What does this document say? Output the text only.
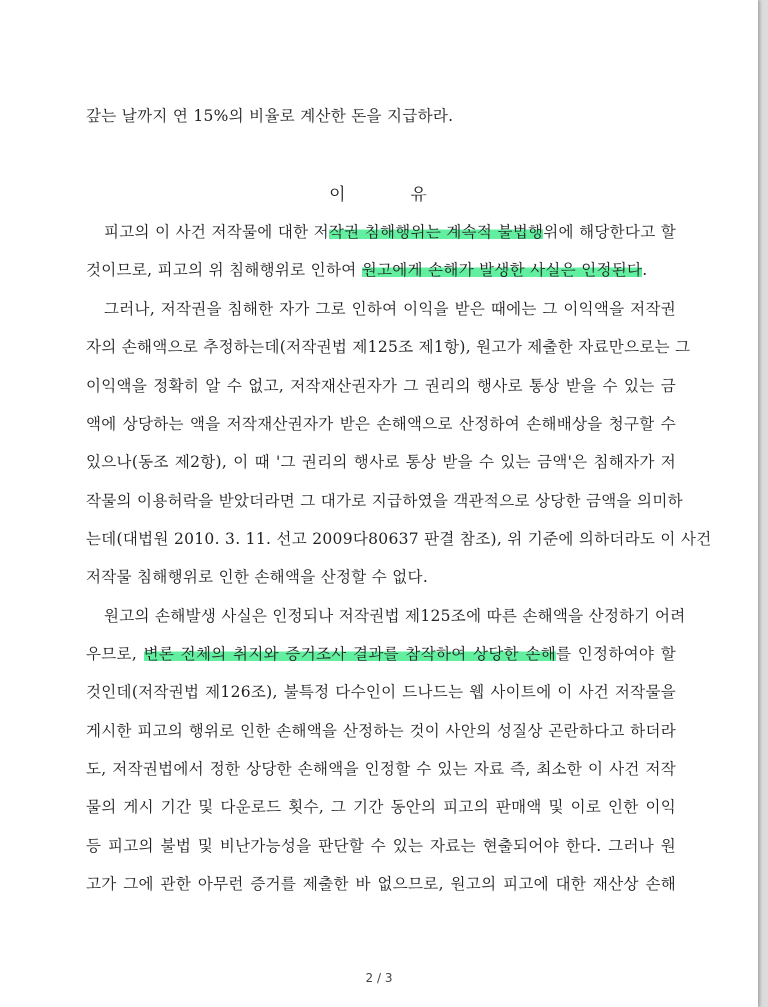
갚는 날까지 연 15%의 비율로 계산한 돈을 지급하라.
이	유
피고의 이 사건 저작물에 대한 저작권 침해행위는 계속적 불법행위에 해당한다고 할
것이므로, 피고의 위 침해행위로 인하여 원고에게 손해가 발생한 사실은 인정된다.
그러나, 저작권을 침해한 자가 그로 인하여 이익을 받은 때에는 그 이익액을 저작권
자의 손해액으로 추정하는데(저작권법 제125조 제1항), 원고가 제출한 자료만으로는 그
이익액을 정확히 알 수 없고, 저작재산권자가 그 권리의 행사로 통상 받을 수 있는 금
액에 상당하는 액을 저작재산권자가 받은 손해액으로 산정하여 손해배상을 청구할 수
있으나(동조 제2항), 이 때 '그 권리의 행사로 통상 받을 수 있는 금액'은 침해자가 저
작물의 이용허락을 받았더라면 그 대가로 지급하였을 객관적으로 상당한 금액을 의미하
는데(대법원 2010. 3. 11. 선고 2009다80637 판결 참조), 위 기준에 의하더라도 이 사건
저작물 침해행위로 인한 손해액을 산정할 수 없다.
원고의 손해발생 사실은 인정되나 저작권법 제125조에 따른 손해액을 산정하기 어려
우므로, 변론 전체의 취지와 증거조사 결과를 참작하여 상당한 손해를 인정하여야 할
것인데(저작권법 제126조), 불특정 다수인이 드나드는 웹 사이트에 이 사건 저작물을
게시한 피고의 행위로 인한 손해액을 산정하는 것이 사안의 성질상 곤란하다고 하더라
도, 저작권법에서 정한 상당한 손해액을 인정할 수 있는 자료 즉, 최소한 이 사건 저작
물의 게시 기간 및 다운로드 횟수, 그 기간 동안의 피고의 판매액 및 이로 인한 이익
등 피고의 불법 및 비난가능성을 판단할 수 있는 자료는 현출되어야 한다. 그러나 원
고가 그에 관한 아무런 증거를 제출한 바 없으므로, 원고의 피고에 대한 재산상 손해
2 / 3
